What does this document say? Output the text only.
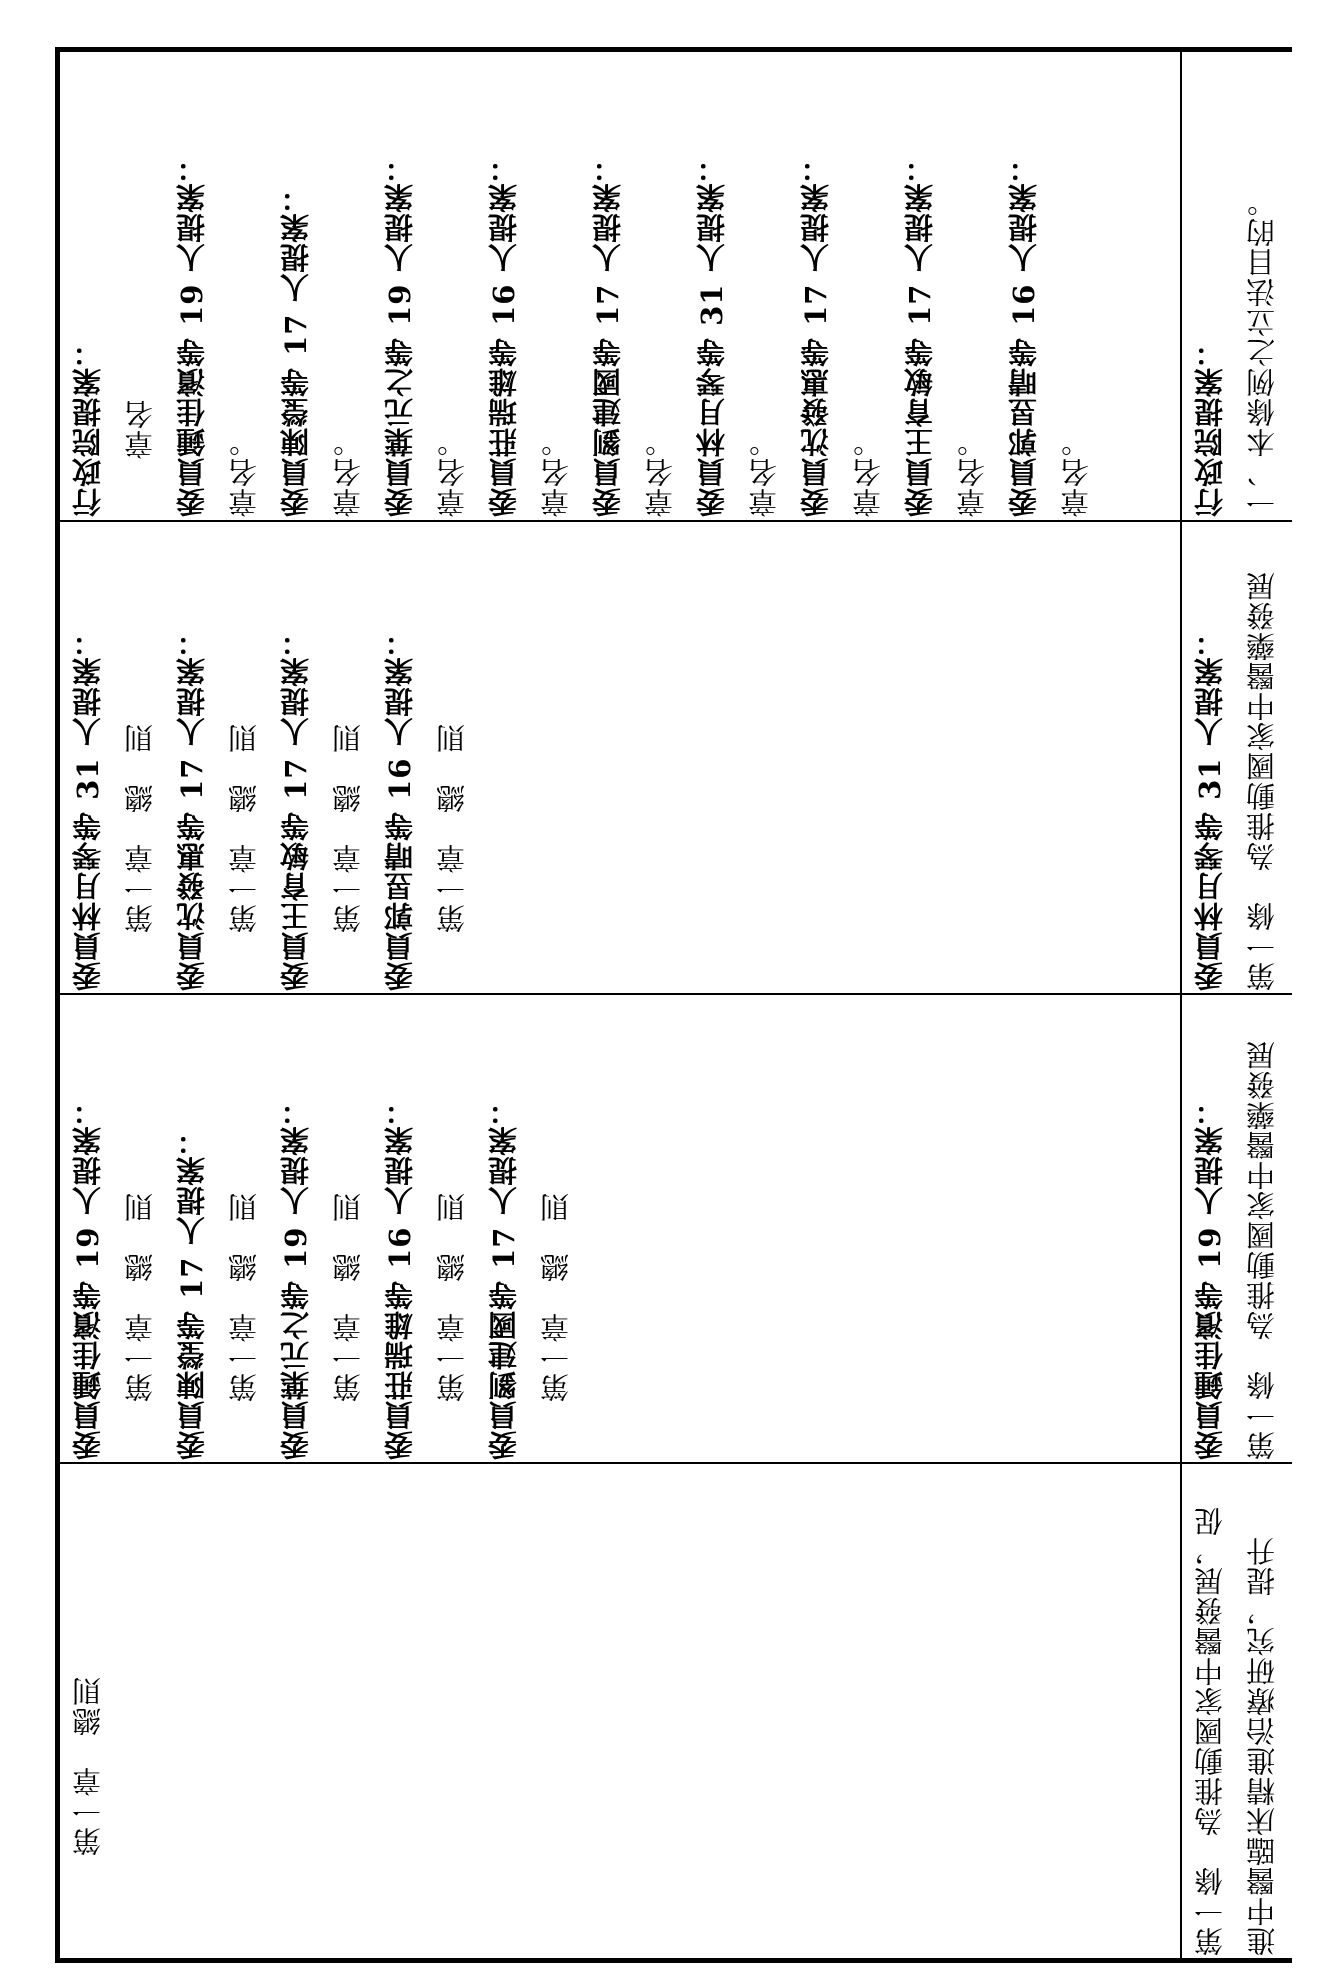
行政院提案： 章名 委員鍾佳濱等 19 人提案： 章名。 委員陳瑩等 17 人提案： 章名。 委員葉元之等 19 人提案： 章名。 委員莊瑞雄等 16 人提案： 章名。 委員劉建國等 17 人提案： 章名。 委員林月琴等 31 人提案： 章名。 委員沈發惠等 17 人提案： 章名。 委員王育敏等 17 人提案： 章名。 委員郭昱晴等 16 人提案： 章名。	行政院提案： 一、本條例之立法目的。
委員林月琴等 31 人提案： 第一章　總　則 委員沈發惠等 17 人提案： 第一章　總　則 委員王育敏等 17 人提案： 第一章　總　則 委員郭昱晴等 16 人提案： 第一章　總　則	委員林月琴等 31 人提案： 第一條　為推動國家中醫藥發展
委員鍾佳濱等 19 人提案： 第一章　總　則 委員陳瑩等 17 人提案： 第一章　總　則 委員葉元之等 19 人提案： 第一章　總　則 委員莊瑞雄等 16 人提案： 第一章　總　則 委員劉建國等 17 人提案： 第一章　總　則	委員鍾佳濱等 19 人提案： 第一條　為推動國家中醫藥發展
第一章　總則	第一條　為推動國家中醫發展，促 進中醫臨床精進治療研究，提升
